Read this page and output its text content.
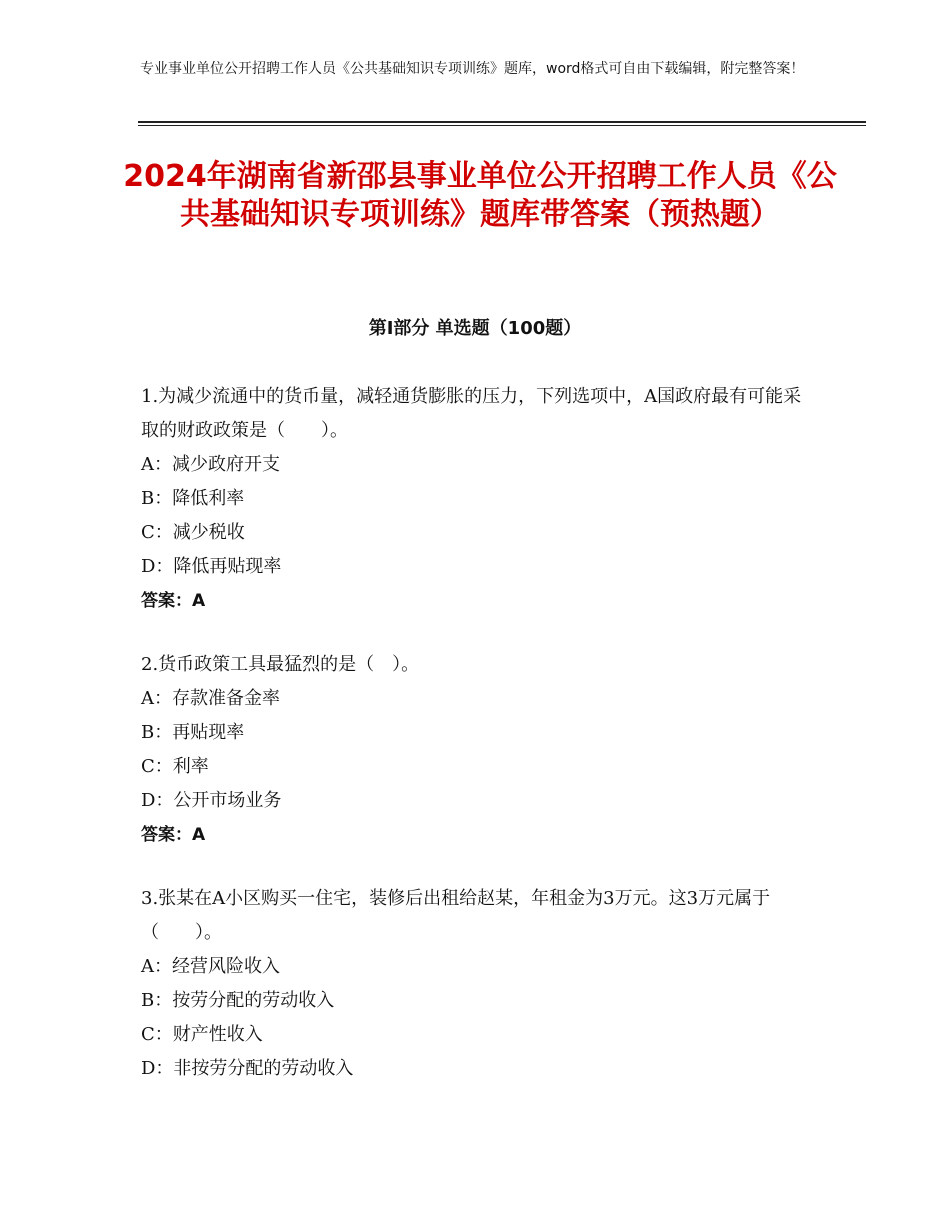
专业事业单位公开招聘工作人员《公共基础知识专项训练》题库，word格式可自由下载编辑，附完整答案！
2024年湖南省新邵县事业单位公开招聘工作人员《公共基础知识专项训练》题库带答案（预热题）
第Ⅰ部分 单选题（100题）
1.为减少流通中的货币量，减轻通货膨胀的压力，下列选项中，A国政府最有可能采取的财政政策是（　　）。
A：减少政府开支
B：降低利率
C：减少税收
D：降低再贴现率
答案：A
2.货币政策工具最猛烈的是（　）。
A：存款准备金率
B：再贴现率
C：利率
D：公开市场业务
答案：A
3.张某在A小区购买一住宅，装修后出租给赵某，年租金为3万元。这3万元属于（　　）。
A：经营风险收入
B：按劳分配的劳动收入
C：财产性收入
D：非按劳分配的劳动收入
